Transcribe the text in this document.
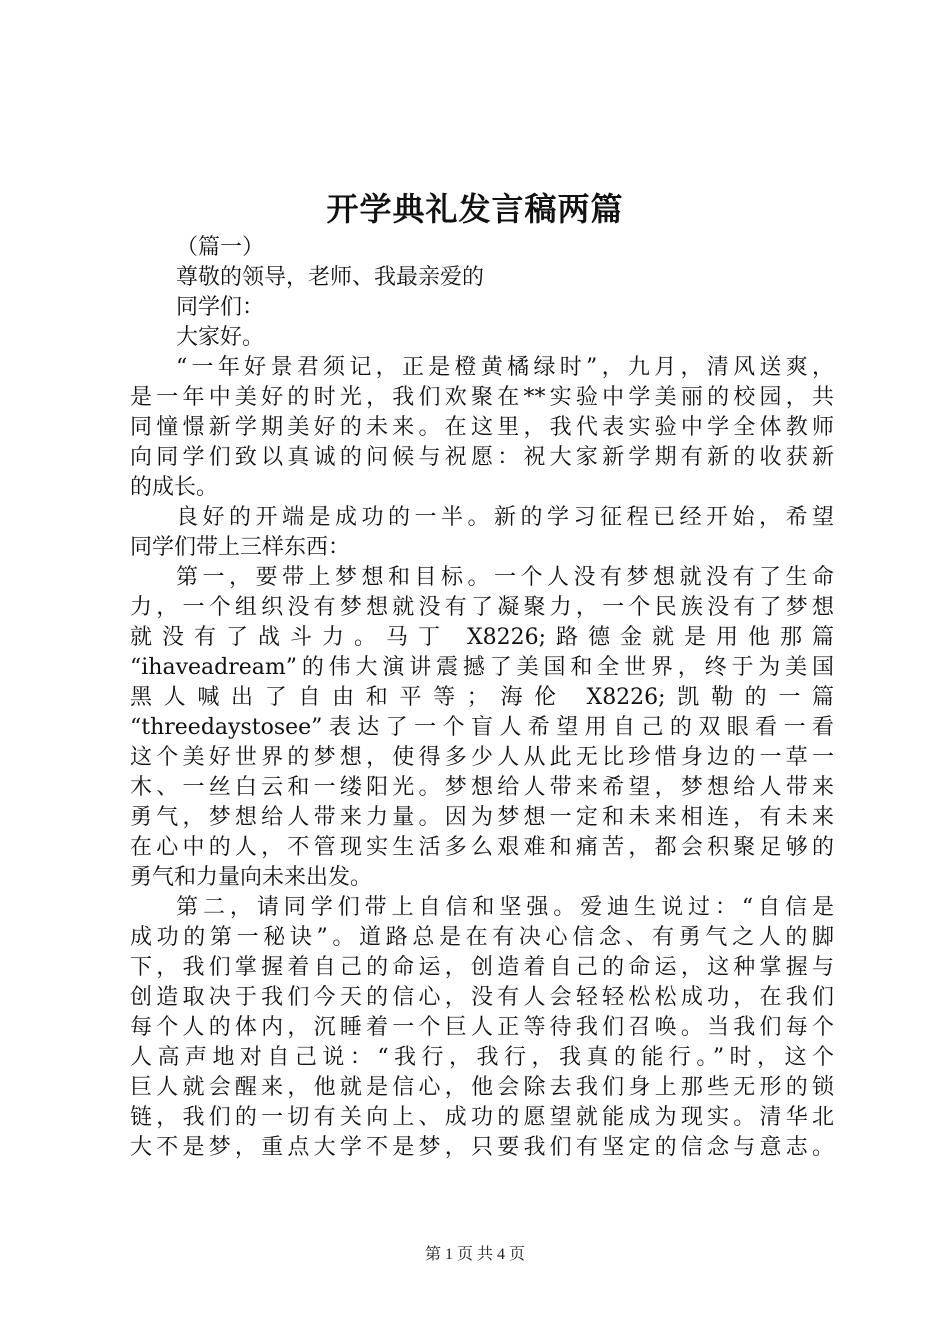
开学典礼发言稿两篇
（篇一）
尊敬的领导，老师、我最亲爱的
同学们：
大家好。
“一年好景君须记，正是橙黄橘绿时”，九月，清风送爽，
是一年中美好的时光，我们欢聚在**实验中学美丽的校园，共
同憧憬新学期美好的未来。在这里，我代表实验中学全体教师
向同学们致以真诚的问候与祝愿：祝大家新学期有新的收获新
的成长。
良好的开端是成功的一半。新的学习征程已经开始，希望
同学们带上三样东西：
第一，要带上梦想和目标。一个人没有梦想就没有了生命
力，一个组织没有梦想就没有了凝聚力，一个民族没有了梦想
就没有了战斗力。马丁 X8226;路德金就是用他那篇
“ihaveadream”的伟大演讲震撼了美国和全世界，终于为美国
黑人喊出了自由和平等；海伦 X8226;凯勒的一篇
“threedaystosee”表达了一个盲人希望用自己的双眼看一看
这个美好世界的梦想，使得多少人从此无比珍惜身边的一草一
木、一丝白云和一缕阳光。梦想给人带来希望，梦想给人带来
勇气，梦想给人带来力量。因为梦想一定和未来相连，有未来
在心中的人，不管现实生活多么艰难和痛苦，都会积聚足够的
勇气和力量向未来出发。
第二，请同学们带上自信和坚强。爱迪生说过：“自信是
成功的第一秘诀”。道路总是在有决心信念、有勇气之人的脚
下，我们掌握着自己的命运，创造着自己的命运，这种掌握与
创造取决于我们今天的信心，没有人会轻轻松松成功，在我们
每个人的体内，沉睡着一个巨人正等待我们召唤。当我们每个
人高声地对自己说：“我行，我行，我真的能行。”时，这个
巨人就会醒来，他就是信心，他会除去我们身上那些无形的锁
链，我们的一切有关向上、成功的愿望就能成为现实。清华北
大不是梦，重点大学不是梦，只要我们有坚定的信念与意志。
第 1 页 共 4 页
